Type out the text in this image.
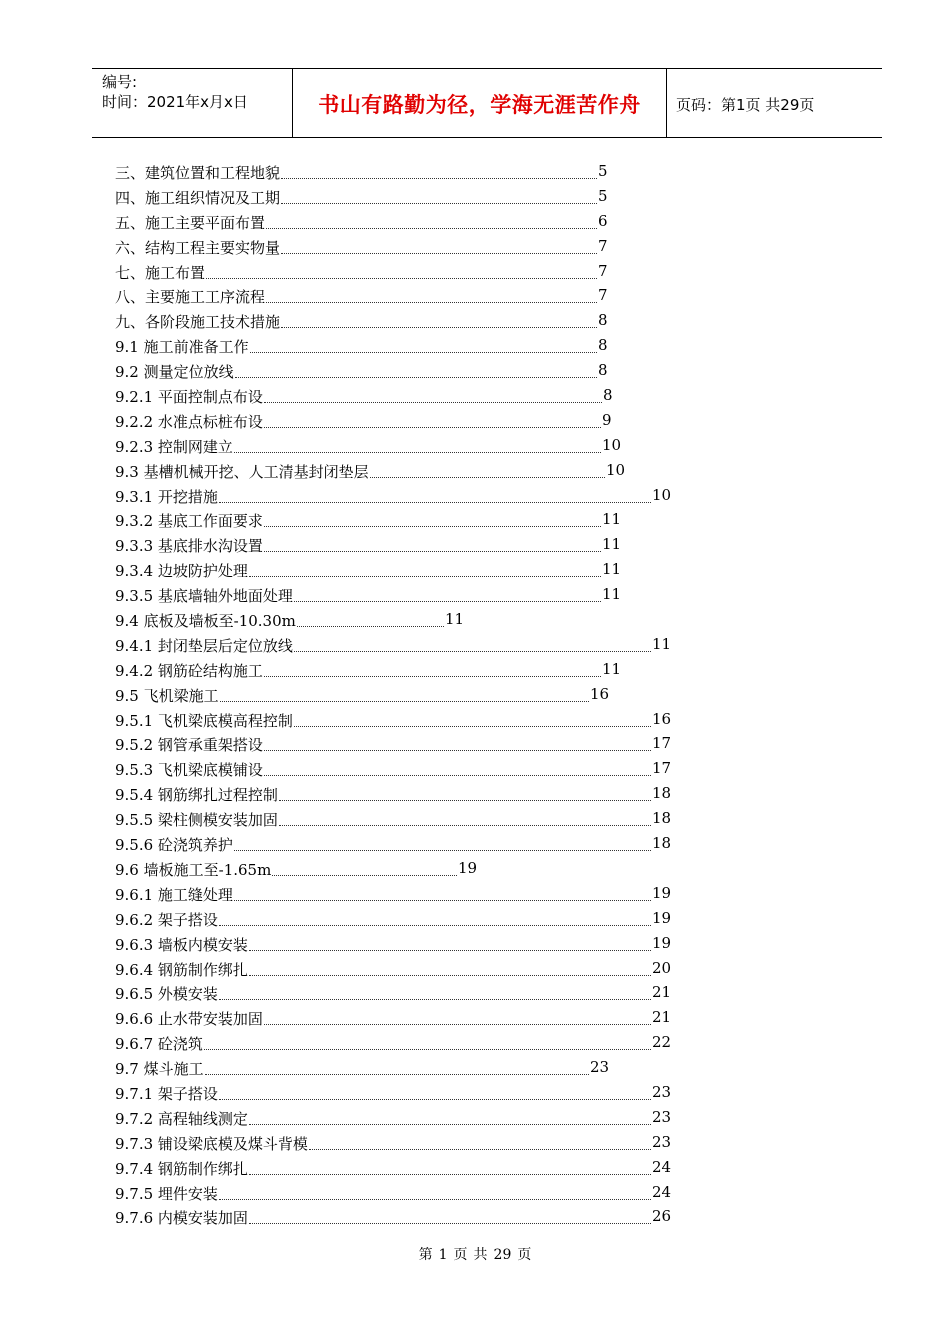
编号:
时间：2021年x月x日	书山有路勤为径，学海无涯苦作舟	页码：第1页 共29页
三、建筑位置和工程地貌	5
四、施工组织情况及工期	5
五、施工主要平面布置	6
六、结构工程主要实物量	7
七、施工布置	7
八、主要施工工序流程	7
九、各阶段施工技术措施	8
9.1 施工前准备工作	8
9.2 测量定位放线	8
9.2.1 平面控制点布设	8
9.2.2 水准点标桩布设	9
9.2.3 控制网建立	10
9.3 基槽机械开挖、人工清基封闭垫层	10
9.3.1 开挖措施	10
9.3.2 基底工作面要求	11
9.3.3 基底排水沟设置	11
9.3.4 边坡防护处理	11
9.3.5 基底墙轴外地面处理	11
9.4 底板及墙板至-10.30m	11
9.4.1 封闭垫层后定位放线	11
9.4.2 钢筋砼结构施工	11
9.5 飞机梁施工	16
9.5.1 飞机梁底模高程控制	16
9.5.2 钢管承重架搭设	17
9.5.3 飞机梁底模铺设	17
9.5.4 钢筋绑扎过程控制	18
9.5.5 梁柱侧模安装加固	18
9.5.6 砼浇筑养护	18
9.6 墙板施工至-1.65m	19
9.6.1 施工缝处理	19
9.6.2 架子搭设	19
9.6.3 墙板内模安装	19
9.6.4 钢筋制作绑扎	20
9.6.5 外模安装	21
9.6.6 止水带安装加固	21
9.6.7 砼浇筑	22
9.7 煤斗施工	23
9.7.1 架子搭设	23
9.7.2 高程轴线测定	23
9.7.3 铺设梁底模及煤斗背模	23
9.7.4 钢筋制作绑扎	24
9.7.5 埋件安装	24
9.7.6 内模安装加固	26
第 1 页 共 29 页
